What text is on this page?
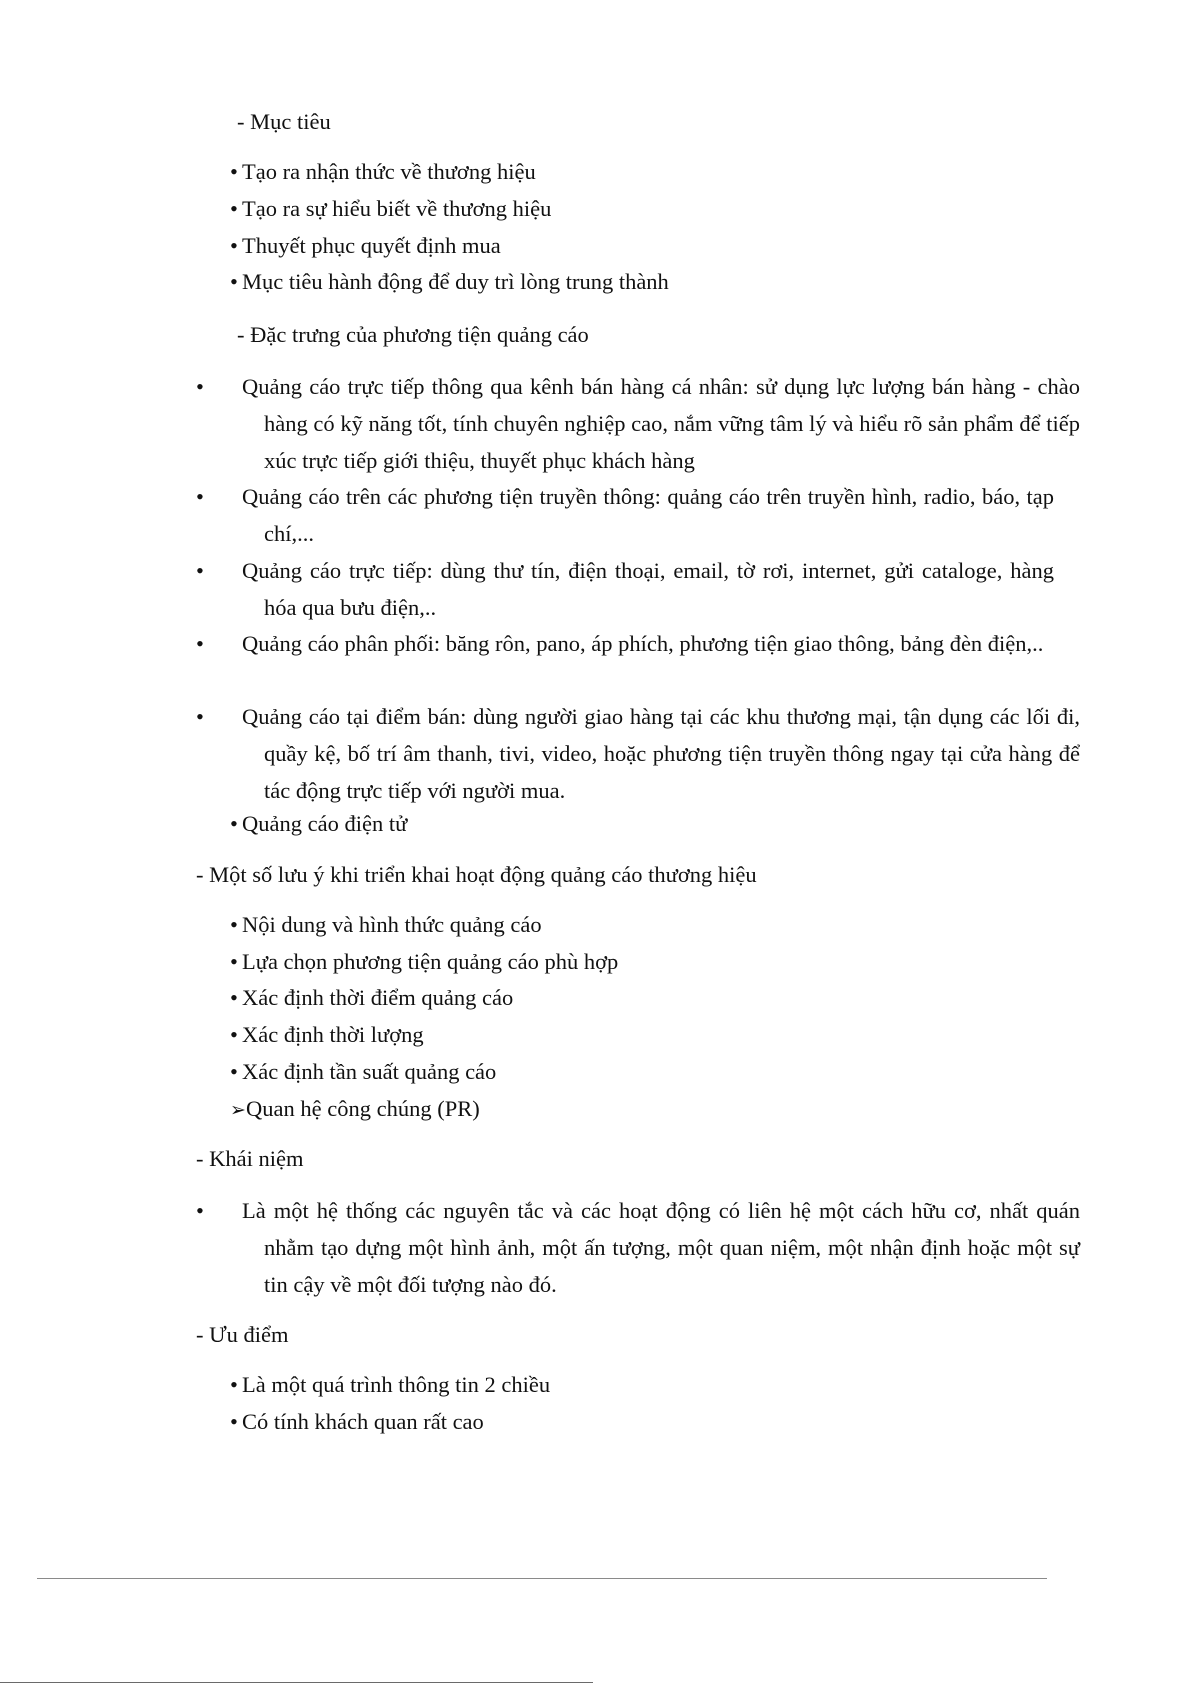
- Mục tiêu
• Tạo ra nhận thức về thương hiệu
• Tạo ra sự hiểu biết về thương hiệu
• Thuyết phục quyết định mua
• Mục tiêu hành động để duy trì lòng trung thành
- Đặc trưng của phương tiện quảng cáo
• Quảng cáo trực tiếp thông qua kênh bán hàng cá nhân: sử dụng lực lượng bán hàng - chào hàng có kỹ năng tốt, tính chuyên nghiệp cao, nắm vững tâm lý và hiểu rõ sản phẩm để tiếp xúc trực tiếp giới thiệu, thuyết phục khách hàng
• Quảng cáo trên các phương tiện truyền thông: quảng cáo trên truyền hình, radio, báo, tạp chí,...
• Quảng cáo trực tiếp: dùng thư tín, điện thoại, email, tờ rơi, internet, gửi cataloge, hàng hóa qua bưu điện,..
• Quảng cáo phân phối: băng rôn, pano, áp phích, phương tiện giao thông, bảng đèn điện,..
• Quảng cáo tại điểm bán: dùng người giao hàng tại các khu thương mại, tận dụng các lối đi, quầy kệ, bố trí âm thanh, tivi, video, hoặc phương tiện truyền thông ngay tại cửa hàng để tác động trực tiếp với người mua.
• Quảng cáo điện tử
- Một số lưu ý khi triển khai hoạt động quảng cáo thương hiệu
• Nội dung và hình thức quảng cáo
• Lựa chọn phương tiện quảng cáo phù hợp
• Xác định thời điểm quảng cáo
• Xác định thời lượng
• Xác định tần suất quảng cáo
➢Quan hệ công chúng (PR)
- Khái niệm
• Là một hệ thống các nguyên tắc và các hoạt động có liên hệ một cách hữu cơ, nhất quán nhằm tạo dựng một hình ảnh, một ấn tượng, một quan niệm, một nhận định hoặc một sự tin cậy về một đối tượng nào đó.
- Ưu điểm
• Là một quá trình thông tin 2 chiều
• Có tính khách quan rất cao
